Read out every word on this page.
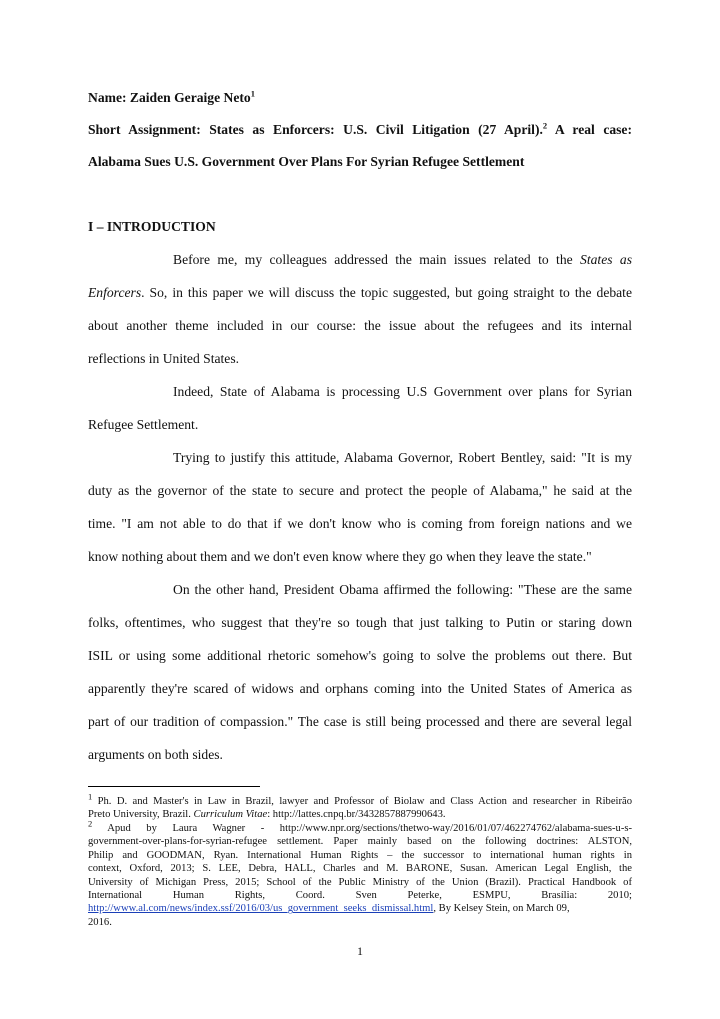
Name: Zaiden Geraige Neto$^1$
Short Assignment: States as Enforcers: U.S. Civil Litigation (27 April).$^2$ A real case:
Alabama Sues U.S. Government Over Plans For Syrian Refugee Settlement
I – INTRODUCTION
Before me, my colleagues addressed the main issues related to the States as
Enforcers. So, in this paper we will discuss the topic suggested, but going straight to the debate
about another theme included in our course: the issue about the refugees and its internal
reflections in United States.
Indeed, State of Alabama is processing U.S Government over plans for Syrian
Refugee Settlement.
Trying to justify this attitude, Alabama Governor, Robert Bentley, said: "It is my
duty as the governor of the state to secure and protect the people of Alabama," he said at the
time. "I am not able to do that if we don't know who is coming from foreign nations and we
know nothing about them and we don't even know where they go when they leave the state."
On the other hand, President Obama affirmed the following: "These are the same
folks, oftentimes, who suggest that they're so tough that just talking to Putin or staring down
ISIL or using some additional rhetoric somehow's going to solve the problems out there. But
apparently they're scared of widows and orphans coming into the United States of America as
part of our tradition of compassion." The case is still being processed and there are several legal
arguments on both sides.
$^1$ Ph. D. and Master's in Law in Brazil, lawyer and Professor of Biolaw and Class Action and researcher in Ribeirão
Preto University, Brazil. Curriculum Vitae: http://lattes.cnpq.br/3432857887990643.
$^2$ Apud by Laura Wagner - http://www.npr.org/sections/thetwo-way/2016/01/07/462274762/alabama-sues-u-s-
government-over-plans-for-syrian-refugee settlement. Paper mainly based on the following doctrines: ALSTON,
Philip and GOODMAN, Ryan. International Human Rights – the successor to international human rights in
context, Oxford, 2013; S. LEE, Debra, HALL, Charles and M. BARONE, Susan. American Legal English, the
University of Michigan Press, 2015; School of the Public Ministry of the Union (Brazil). Practical Handbook of
International Human Rights, Coord. Sven Peterke, ESMPU, Brasília: 2010;
http://www.al.com/news/index.ssf/2016/03/us_government_seeks_dismissal.html, By Kelsey Stein, on March 09,
2016.
1
